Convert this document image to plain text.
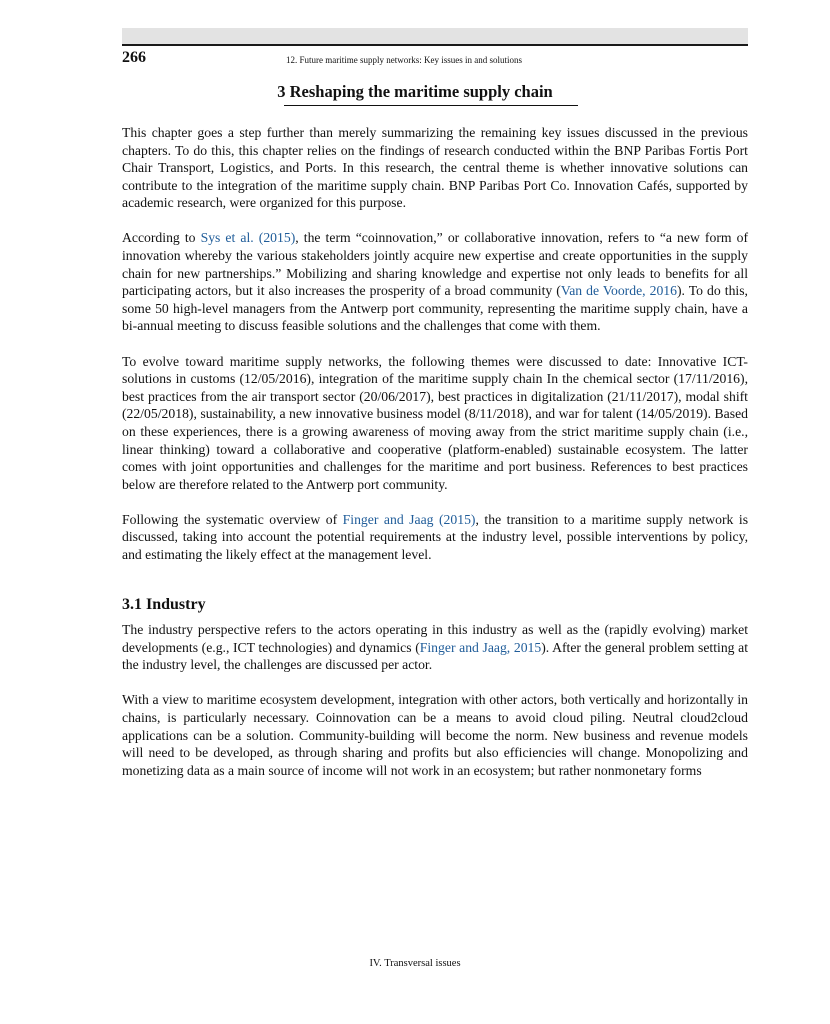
266	12. Future maritime supply networks: Key issues in and solutions
3 Reshaping the maritime supply chain

This chapter goes a step further than merely summarizing the remaining key issues discussed in the previous chapters. To do this, this chapter relies on the findings of research conducted within the BNP Paribas Fortis Port Chair Transport, Logistics, and Ports. In this research, the central theme is whether innovative solutions can contribute to the integration of the maritime supply chain. BNP Paribas Port Co. Innovation Cafés, supported by academic research, were organized for this purpose.

According to Sys et al. (2015), the term “coinnovation,” or collaborative innovation, refers to “a new form of innovation whereby the various stakeholders jointly acquire new expertise and create opportunities in the supply chain for new partnerships.” Mobilizing and sharing knowledge and expertise not only leads to benefits for all participating actors, but it also increases the prosperity of a broad community (Van de Voorde, 2016). To do this, some 50 high-level managers from the Antwerp port community, representing the maritime supply chain, have a bi-annual meeting to discuss feasible solutions and the challenges that come with them.

To evolve toward maritime supply networks, the following themes were discussed to date: Innovative ICT-solutions in customs (12/05/2016), integration of the maritime supply chain In the chemical sector (17/11/2016), best practices from the air transport sector (20/06/2017), best practices in digitalization (21/11/2017), modal shift (22/05/2018), sustainability, a new innovative business model (8/11/2018), and war for talent (14/05/2019). Based on these experiences, there is a growing awareness of moving away from the strict maritime supply chain (i.e., linear thinking) toward a collaborative and cooperative (platform-enabled) sustainable ecosystem. The latter comes with joint opportunities and challenges for the maritime and port business. References to best practices below are therefore related to the Antwerp port community.

Following the systematic overview of Finger and Jaag (2015), the transition to a maritime supply network is discussed, taking into account the potential requirements at the industry level, possible interventions by policy, and estimating the likely effect at the management level.

3.1 Industry

The industry perspective refers to the actors operating in this industry as well as the (rapidly evolving) market developments (e.g., ICT technologies) and dynamics (Finger and Jaag, 2015). After the general problem setting at the industry level, the challenges are discussed per actor.

With a view to maritime ecosystem development, integration with other actors, both vertically and horizontally in chains, is particularly necessary. Coinnovation can be a means to avoid cloud piling. Neutral cloud2cloud applications can be a solution. Community-building will become the norm. New business and revenue models will need to be developed, as through sharing and profits but also efficiencies will change. Monopolizing and monetizing data as a main source of income will not work in an ecosystem; but rather nonmonetary forms

IV. Transversal issues
